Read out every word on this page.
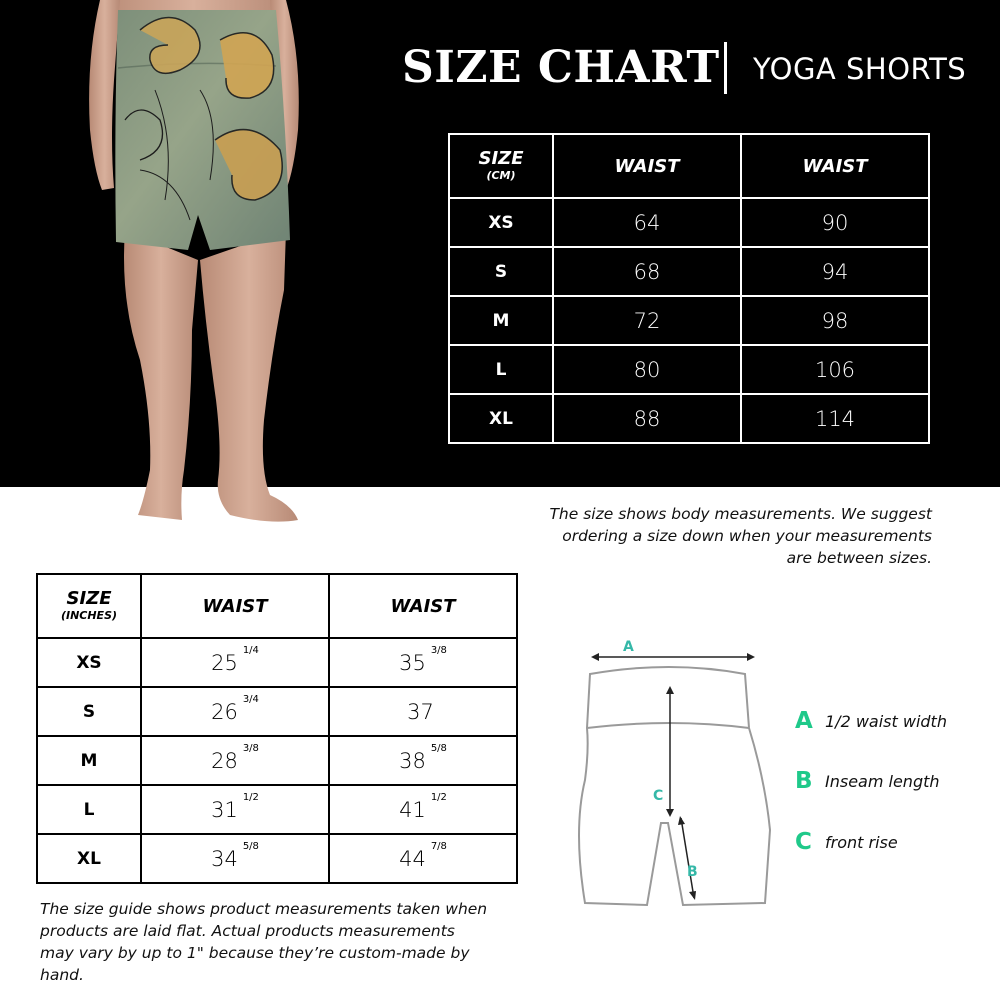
SIZE CHART YOGA SHORTS
SIZE
(CM)	WAIST	WAIST
XS	64	90
S	68	94
M	72	98
L	80	106
XL	88	114
The size shows body measurements. We suggest ordering a size down when your measurements are between sizes.
SIZE
(INCHES)	WAIST	WAIST
XS	$25^{1/4}$	$35^{3/8}$
S	$26^{3/4}$	37
M	$28^{3/8}$	$38^{5/8}$
L	$31^{1/2}$	$41^{1/2}$
XL	$34^{5/8}$	$44^{7/8}$
The size guide shows product measurements taken when products are laid flat. Actual products measurements may vary by up to 1" because they’re custom-made by hand.
A
C
B
A 1/2 waist width
B Inseam length
C front rise
